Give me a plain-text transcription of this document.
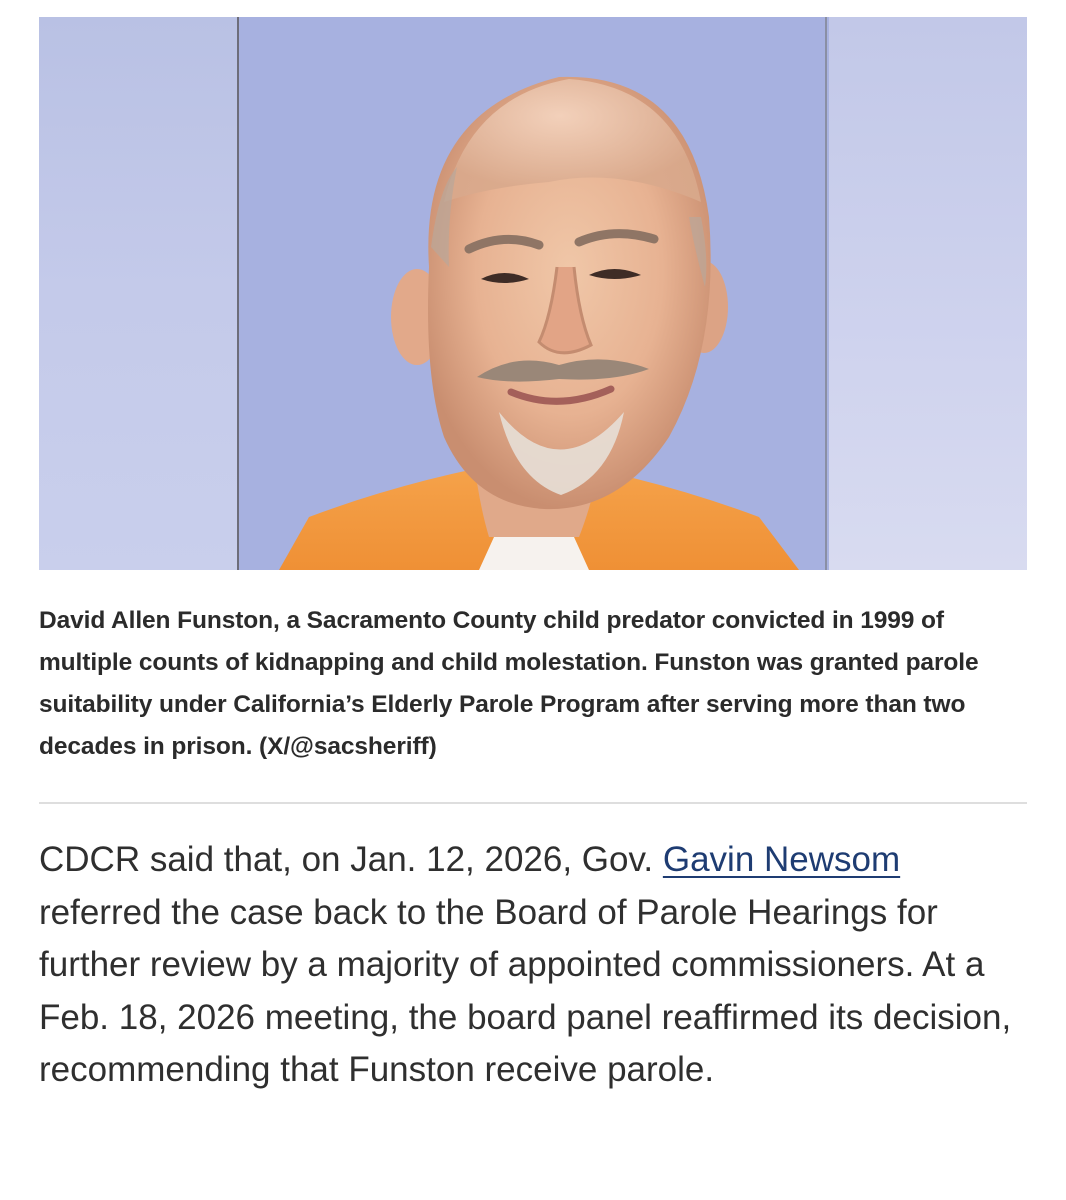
David Allen Funston, a Sacramento County child predator convicted in 1999 of multiple counts of kidnapping and child molestation. Funston was granted parole suitability under California’s Elderly Parole Program after serving more than two decades in prison. (X/@sacsheriff)

CDCR said that, on Jan. 12, 2026, Gov. Gavin Newsom referred the case back to the Board of Parole Hearings for further review by a majority of appointed commissioners. At a Feb. 18, 2026 meeting, the board panel reaffirmed its decision, recommending that Funston receive parole.
